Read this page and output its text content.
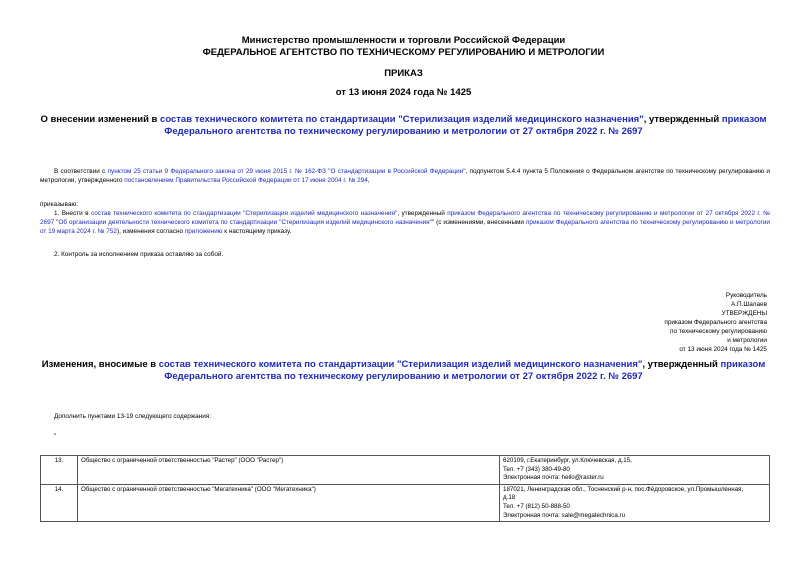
Министерство промышленности и торговли Российской Федерации
ФЕДЕРАЛЬНОЕ АГЕНТСТВО ПО ТЕХНИЧЕСКОМУ РЕГУЛИРОВАНИЮ И МЕТРОЛОГИИ
ПРИКАЗ
от 13 июня 2024 года № 1425
О внесении изменений в состав технического комитета по стандартизации "Стерилизация изделий медицинского назначения", утвержденный приказом Федерального агентства по техническому регулированию и метрологии от 27 октября 2022 г. № 2697
В соответствии с пунктом 25 статьи 9 Федерального закона от 29 июня 2015 г. № 162-ФЗ "О стандартизации в Российской Федерации", подпунктом 5.4.4 пункта 5 Положения о Федеральном агентстве по техническому регулированию и метрологии, утвержденного постановлением Правительства Российской Федерации от 17 июня 2004 г. № 294,
приказываю:
1. Внести в состав технического комитета по стандартизации "Стерилизация изделий медицинского назначения", утвержденный приказом Федерального агентства по техническому регулированию и метрологии от 27 октября 2022 г. № 2697 "Об организации деятельности технического комитета по стандартизации "Стерилизация изделий медицинского назначения"" (с изменениями, внесенными приказом Федерального агентства по техническому регулированию и метрологии от 19 марта 2024 г. № 752), изменения согласно приложению к настоящему приказу.
2. Контроль за исполнением приказа оставляю за собой.
Руководитель
А.П.Шалаев
УТВЕРЖДЕНЫ
приказом Федерального агентства
по техническому регулированию
и метрологии
от 13 июня 2024 года № 1425
Изменения, вносимые в состав технического комитета по стандартизации "Стерилизация изделий медицинского назначения", утвержденный приказом Федерального агентства по техническому регулированию и метрологии от 27 октября 2022 г. № 2697
Дополнить пунктами 13-19 следующего содержания:
"
13.	Общество с ограниченной ответственностью "Растер" (ООО "Растер")	620109, г.Екатеринбург, ул.Ключевская, д.15,
Тел. +7 (343) 380-49-80
Электронная почта: hello@raster.ru

14.	Общество с ограниченной ответственностью "Мегатехника" (ООО "Мегатехника")	187021, Ленинградская обл., Тосненский р-н, пос.Фёдоровское, ул.Промышленная,
д.18
Тел. +7 (812) 50-888-50
Электронная почта: sale@megatechnica.ru
